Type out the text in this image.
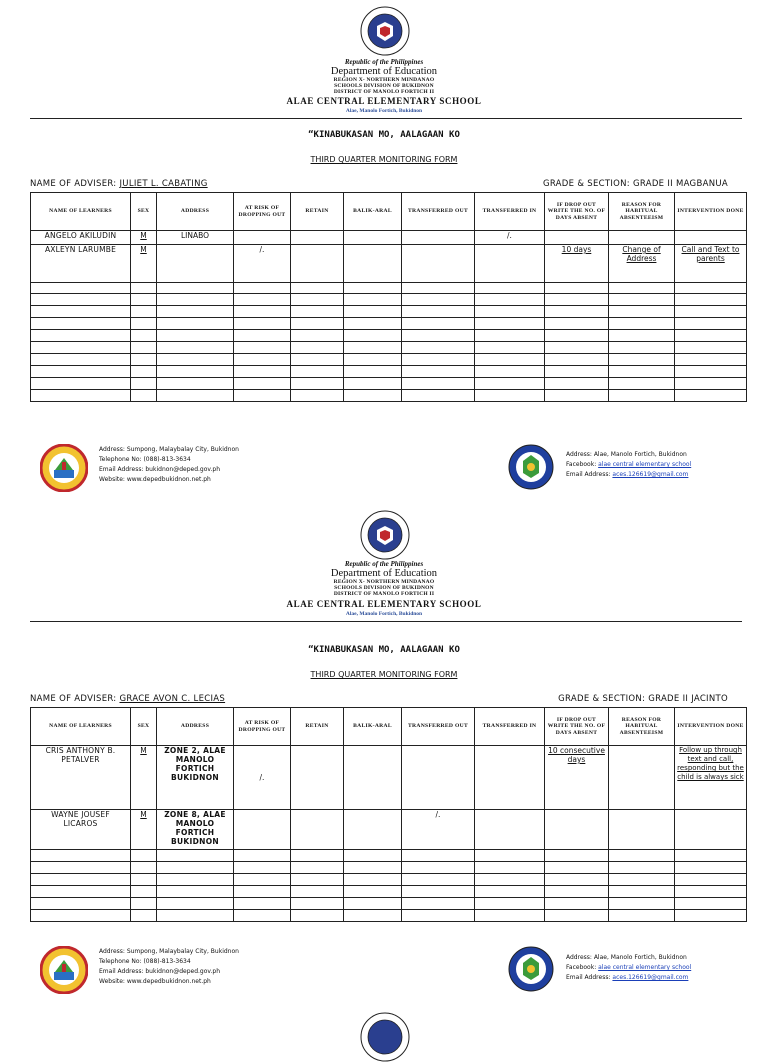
Republic of the Philippines
Department of Education
REGION X- NORTHERN MINDANAO
SCHOOLS DIVISION OF BUKIDNON
DISTRICT OF MANOLO FORTICH II
ALAE CENTRAL ELEMENTARY SCHOOL
Alae, Manolo Fortich, Bukidnon
“KINABUKASAN MO, AALAGAAN KO
THIRD QUARTER MONITORING FORM
NAME OF ADVISER: JULIET L. CABATING	GRADE & SECTION: GRADE II MAGBANUA
NAME OF LEARNERS	SEX	ADDRESS	AT RISK OF DROPPING OUT	RETAIN	BALIK-ARAL	TRANSFERRED OUT	TRANSFERRED IN	IF DROP OUT WRITE THE NO. OF DAYS ABSENT	REASON FOR HABITUAL ABSENTEEISM	INTERVENTION DONE
ANGELO AKILUDIN	M	LINABO					/.			
AXLEYN LARUMBE	M		/.					10 days	Change of Address	Call and Text to parents

Address: Sumpong, Malaybalay City, Bukidnon
Telephone No: (088)-813-3634
Email Address: bukidnon@deped.gov.ph
Website: www.depedbukidnon.net.ph
Address: Alae, Manolo Fortich, Bukidnon
Facebook: alae central elementary school
Email Address: aces.126619@gmail.com
Republic of the Philippines
Department of Education
REGION X- NORTHERN MINDANAO
SCHOOLS DIVISION OF BUKIDNON
DISTRICT OF MANOLO FORTICH II
ALAE CENTRAL ELEMENTARY SCHOOL
Alae, Manolo Fortich, Bukidnon
“KINABUKASAN MO, AALAGAAN KO
THIRD QUARTER MONITORING FORM
NAME OF ADVISER: GRACE AVON C. LECIAS	GRADE & SECTION: GRADE II JACINTO
NAME OF LEARNERS	SEX	ADDRESS	AT RISK OF DROPPING OUT	RETAIN	BALIK-ARAL	TRANSFERRED OUT	TRANSFERRED IN	IF DROP OUT WRITE THE NO. OF DAYS ABSENT	REASON FOR HABITUAL ABSENTEEISM	INTERVENTION DONE
CRIS ANTHONY B. PETALVER	M	ZONE 2, ALAE MANOLO FORTICH BUKIDNON	/.					10 consecutive days		Follow up through text and call, responding but the child is always sick
WAYNE JOUSEF LICAROS	M	ZONE 8, ALAE MANOLO FORTICH BUKIDNON				/.				

Address: Sumpong, Malaybalay City, Bukidnon
Telephone No: (088)-813-3634
Email Address: bukidnon@deped.gov.ph
Website: www.depedbukidnon.net.ph
Address: Alae, Manolo Fortich, Bukidnon
Facebook: alae central elementary school
Email Address: aces.126619@gmail.com
